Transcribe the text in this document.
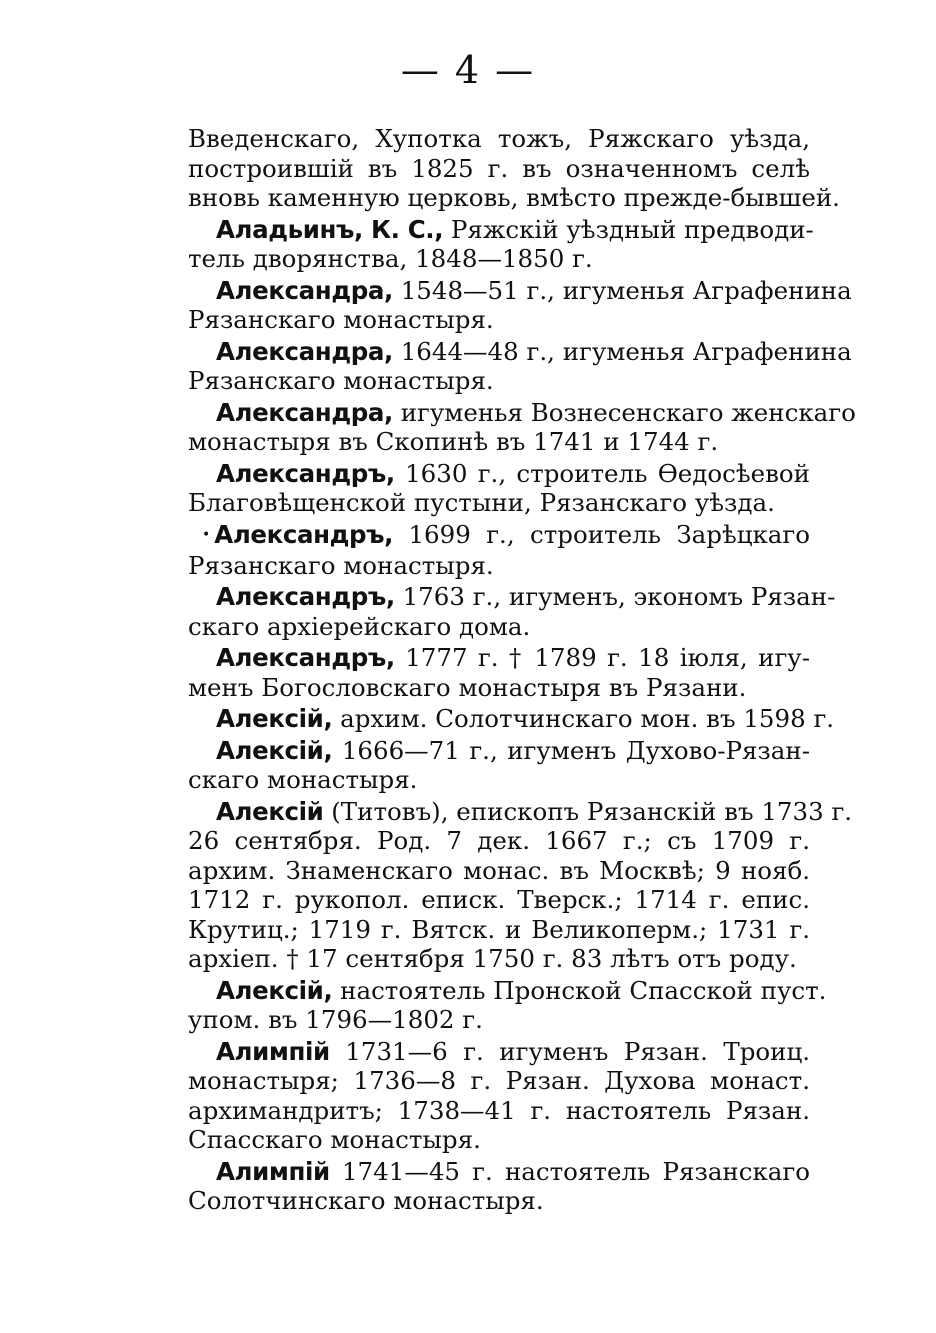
— 4 —
Введенскаго, Хупотка тожъ, Ряжскаго уѣзда,
построившій въ 1825 г. въ означенномъ селѣ
вновь каменную церковь, вмѣсто прежде-бывшей.
Аладьинъ, К. С., Ряжскій уѣздный предводи-
тель дворянства, 1848—1850 г.
Александра, 1548—51 г., игуменья Аграфенина
Рязанскаго монастыря.
Александра, 1644—48 г., игуменья Аграфенина
Рязанскаго монастыря.
Александра, игуменья Вознесенскаго женскаго
монастыря въ Скопинѣ въ 1741 и 1744 г.
Александръ, 1630 г., строитель Ѳедосѣевой
Благовѣщенской пустыни, Рязанскаго уѣзда.
• Александръ, 1699 г., строитель Зарѣцкаго
Рязанскаго монастыря.
Александръ, 1763 г., игуменъ, экономъ Рязан-
скаго архіерейскаго дома.
Александръ, 1777 г. † 1789 г. 18 іюля, игу-
менъ Богословскаго монастыря въ Рязани.
Алексій, архим. Солотчинскаго мон. въ 1598 г.
Алексій, 1666—71 г., игуменъ Духово-Рязан-
скаго монастыря.
Алексій (Титовъ), епископъ Рязанскій въ 1733 г.
26 сентября. Род. 7 дек. 1667 г.; съ 1709 г.
архим. Знаменскаго монас. въ Москвѣ; 9 нояб.
1712 г. рукопол. еписк. Тверск.; 1714 г. епис.
Крутиц.; 1719 г. Вятск. и Великоперм.; 1731 г.
архіеп. † 17 сентября 1750 г. 83 лѣтъ отъ роду.
Алексій, настоятель Пронской Спасской пуст.
упом. въ 1796—1802 г.
Алимпій 1731—6 г. игуменъ Рязан. Троиц.
монастыря; 1736—8 г. Рязан. Духова монаст.
архимандритъ; 1738—41 г. настоятель Рязан.
Спасскаго монастыря.
Алимпій 1741—45 г. настоятель Рязанскаго
Солотчинскаго монастыря.
